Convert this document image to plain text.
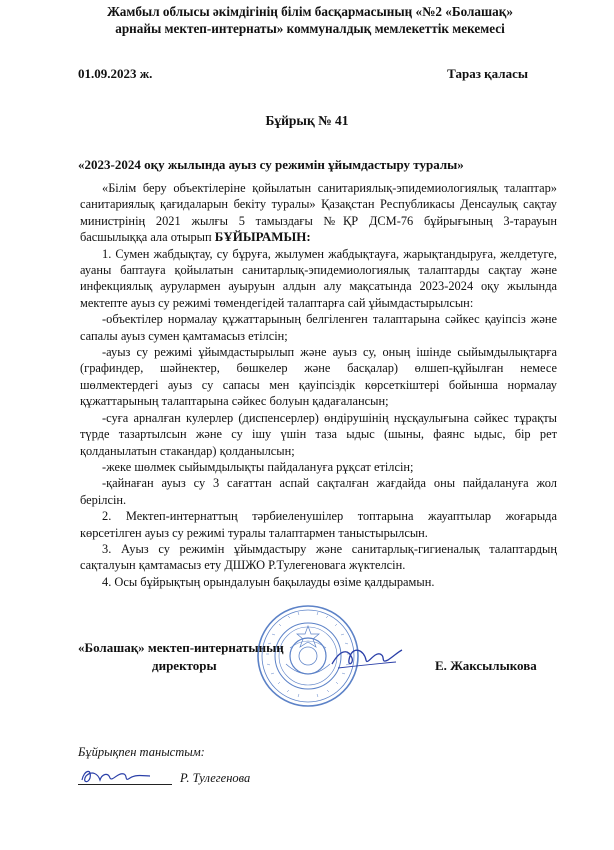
Жамбыл облысы әкімдігінің білім басқармасының «№2 «Болашақ»
арнайы мектеп-интернаты» коммуналдық мемлекеттік мекемесі
01.09.2023 ж.	Тараз қаласы
Бұйрық № 41
«2023-2024 оқу жылында ауыз су режимін ұйымдастыру туралы»

«Білім беру объектілеріне қойылатын санитариялық-эпидемиологиялық талаптар» санитариялық қағидаларын бекіту туралы» Қазақстан Республикасы Денсаулық сақтау министрінің 2021 жылғы 5 тамыздағы №ҚР ДСМ-76 бұйрығының 3-тарауын басшылыққа ала отырып БҰЙЫРАМЫН:

1. Сумен жабдықтау, су бұруға, жылумен жабдықтауға, жарықтандыруға, желдетуге, ауаны баптауға қойылатын санитарлық-эпидемиологиялық талаптарды сақтау және инфекциялық аурулармен ауыруын алдын алу мақсатында 2023-2024 оқу жылында мектепте ауыз су режимі төмендегідей талаптарға сай ұйымдастырылсын:

-объектілер нормалау құжаттарының белгіленген талаптарына сәйкес қауіпсіз және сапалы ауыз сумен қамтамасыз етілсін;

-ауыз су режимі ұйымдастырылып және ауыз су, оның ішінде сыйымдылықтарға (графиндер, шәйнектер, бөшкелер және басқалар) өлшеп-құйылған немесе шөлмектердегі ауыз су сапасы мен қауіпсіздік көрсеткіштері бойынша нормалау құжаттарының талаптарына сәйкес болуын қадағалансын;

-суға арналған кулерлер (диспенсерлер) өндірушінің нұсқаулығына сәйкес тұрақты түрде тазартылсын және су ішу үшін таза ыдыс (шыны, фаянс ыдыс, бір рет қолданылатын стакандар) қолданылсын;

-жеке шөлмек сыйымдылықты пайдалануға рұқсат етілсін;

-қайнаған ауыз су 3 сағаттан аспай сақталған жағдайда оны пайдалануға жол берілсін.

2. Мектеп-интернаттың тәрбиеленушілер топтарына жауаптылар жоғарыда көрсетілген ауыз су режимі туралы талаптармен таныстырылсын.

3. Ауыз су режимін ұйымдастыру және санитарлық-гигиеналық талаптардың сақталуын қамтамасыз ету ДШЖО Р.Тулегеновага жүктелсін.

4. Осы бұйрықтың орындалуын бақылауды өзіме қалдырамын.

«Болашақ» мектеп-интернатының
директоры	Е. Жаксылыкова
Бұйрықпен таныстым:
Р. Тулегенова
